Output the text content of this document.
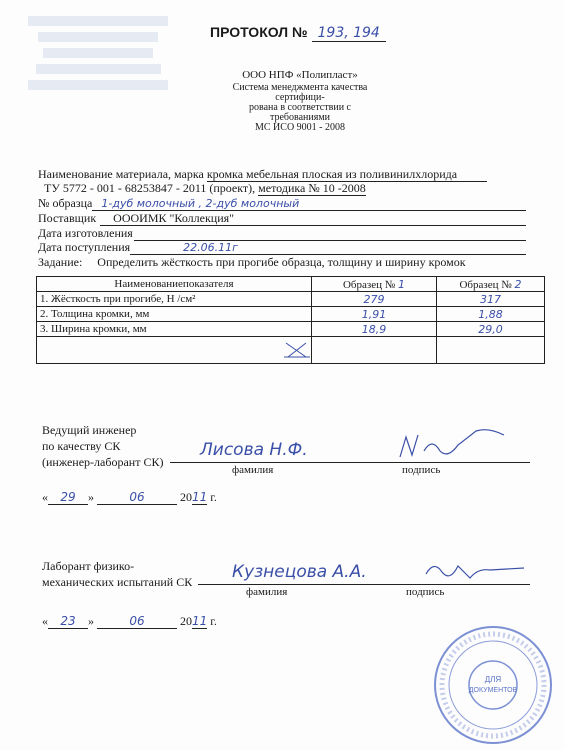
ПРОТОКОЛ № 193, 194
ООО НПФ «Полипласт»
Система менеджмента качества сертифици-
рована в соответствии с требованиями
МС ИСО 9001 - 2008
Наименование материала, марка кромка мебельная плоская из поливинилхлорида
ТУ 5772 - 001 - 68253847 - 2011 (проект), методика № 10 -2008
№ образца 1-дуб молочный , 2-дуб молочный
Поставщик ОООИМК "Коллекция"
Дата изготовления
Дата поступления	22.06.11г
Задание: Определить жёсткость при прогибе образца, толщину и ширину кромок
Наименованиепоказателя	Образец № 1	Образец № 2
1. Жёсткость при прогибе, Н /см²	279	317
2. Толщина кромки, мм	1,91	1,88
3. Ширина кромки, мм	18,9	29,0

Ведущий инженер
по качеству СК
(инженер-лаборант СК)
Лисова Н.Ф.
фамилия	подпись
« 29 »	06	2011 г.
Лаборант физико-
механических испытаний СК Кузнецова А.А.
фамилия	подпись
« 23 »	06	2011 г.
ДЛЯ
ДОКУМЕНТОВ
